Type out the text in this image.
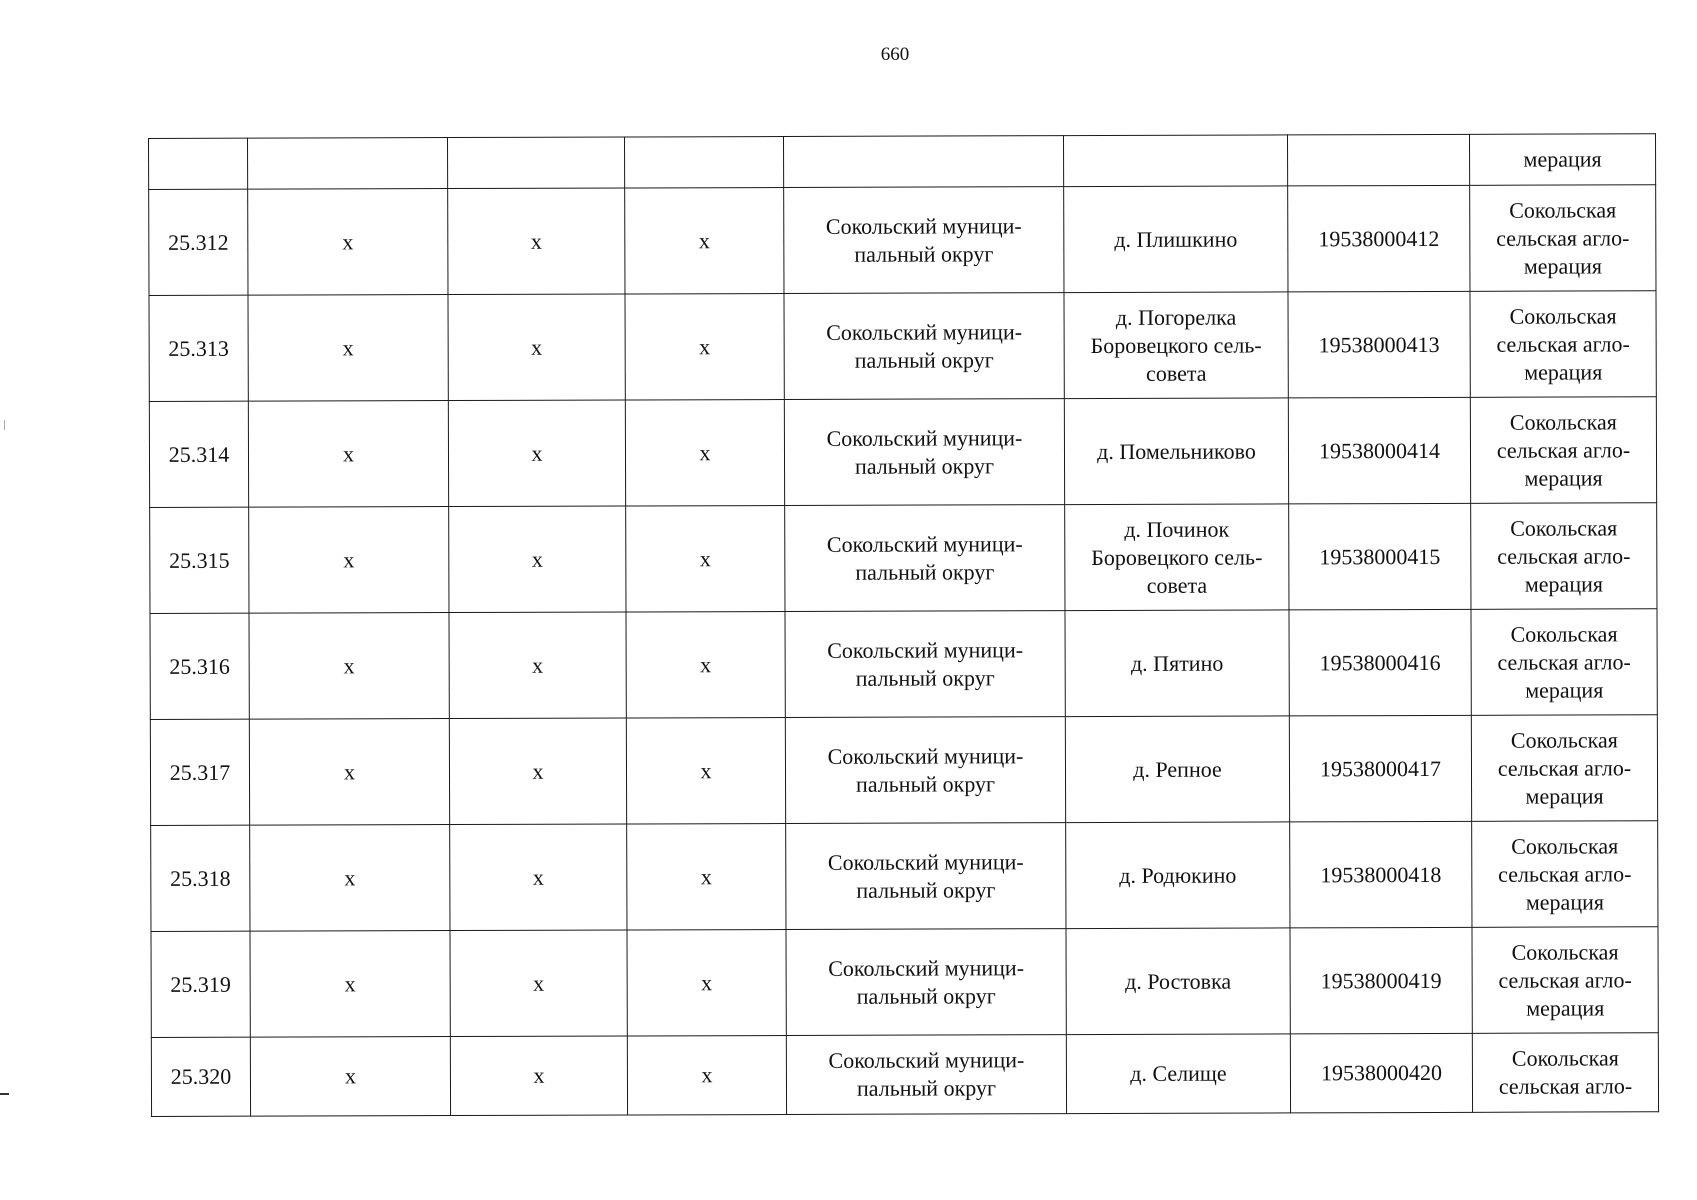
660
							мерация
25.312	х	х	х	Сокольский муници-пальный округ	д. Плишкино	19538000412	Сокольская сельская агло-мерация
25.313	х	х	х	Сокольский муници-пальный округ	д. Погорелка Боровецкого сель-совета	19538000413	Сокольская сельская агло-мерация
25.314	х	х	х	Сокольский муници-пальный округ	д. Помельниково	19538000414	Сокольская сельская агло-мерация
25.315	х	х	х	Сокольский муници-пальный округ	д. Починок Боровецкого сель-совета	19538000415	Сокольская сельская агло-мерация
25.316	х	х	х	Сокольский муници-пальный округ	д. Пятино	19538000416	Сокольская сельская агло-мерация
25.317	х	х	х	Сокольский муници-пальный округ	д. Репное	19538000417	Сокольская сельская агло-мерация
25.318	х	х	х	Сокольский муници-пальный округ	д. Родюкино	19538000418	Сокольская сельская агло-мерация
25.319	х	х	х	Сокольский муници-пальный округ	д. Ростовка	19538000419	Сокольская сельская агло-мерация
25.320	х	х	х	Сокольский муници-пальный округ	д. Селище	19538000420	Сокольская сельская агло-
